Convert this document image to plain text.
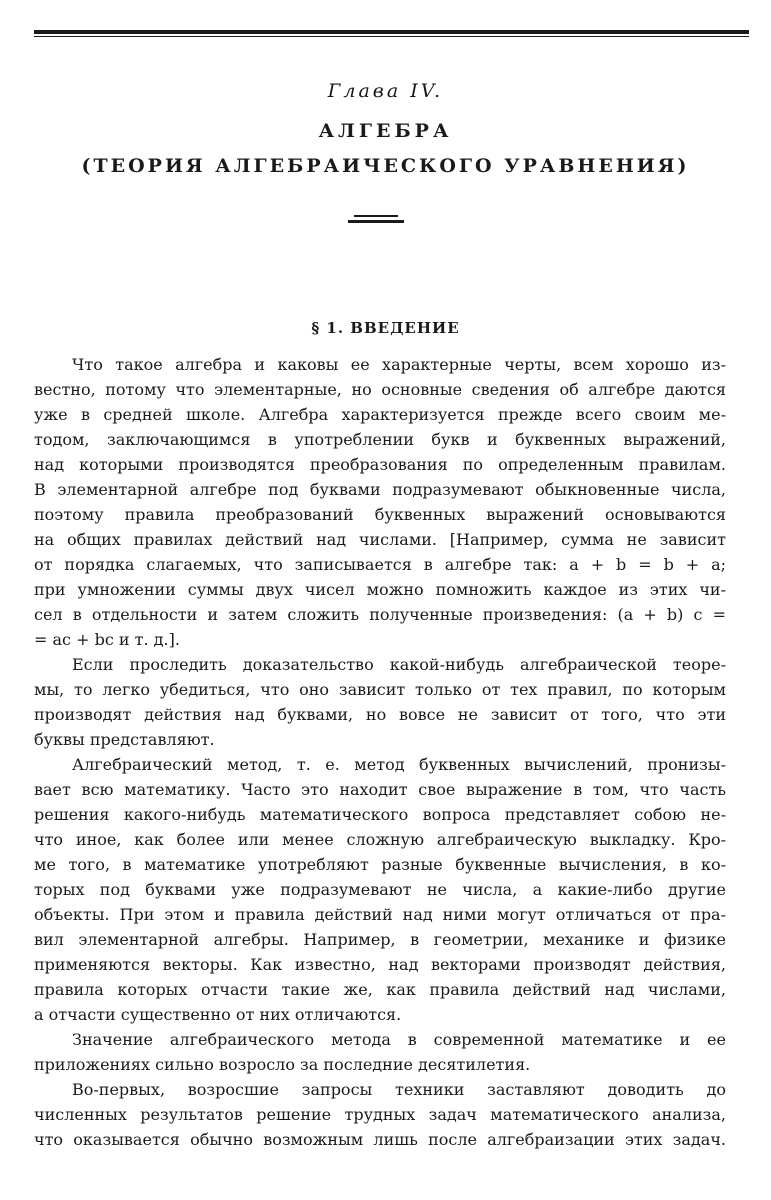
Глава IV.
АЛГЕБРА
(ТЕОРИЯ АЛГЕБРАИЧЕСКОГО УРАВНЕНИЯ)
§ 1. ВВЕДЕНИЕ
Что такое алгебра и каковы ее характерные черты, всем хорошо из-
вестно, потому что элементарные, но основные сведения об алгебре даются
уже в средней школе. Алгебра характеризуется прежде всего своим ме-
тодом, заключающимся в употреблении букв и буквенных выражений,
над которыми производятся преобразования по определенным правилам.
В элементарной алгебре под буквами подразумевают обыкновенные числа,
поэтому правила преобразований буквенных выражений основываются
на общих правилах действий над числами. [Например, сумма не зависит
от порядка слагаемых, что записывается в алгебре так: a + b = b + a;
при умножении суммы двух чисел можно помножить каждое из этих чи-
сел в отдельности и затем сложить полученные произведения: (a + b) c =
= ac + bc и т. д.].
Если проследить доказательство какой-нибудь алгебраической теоре-
мы, то легко убедиться, что оно зависит только от тех правил, по которым
производят действия над буквами, но вовсе не зависит от того, что эти
буквы представляют.
Алгебраический метод, т. е. метод буквенных вычислений, пронизы-
вает всю математику. Часто это находит свое выражение в том, что часть
решения какого-нибудь математического вопроса представляет собою не-
что иное, как более или менее сложную алгебраическую выкладку. Кро-
ме того, в математике употребляют разные буквенные вычисления, в ко-
торых под буквами уже подразумевают не числа, а какие-либо другие
объекты. При этом и правила действий над ними могут отличаться от пра-
вил элементарной алгебры. Например, в геометрии, механике и физике
применяются векторы. Как известно, над векторами производят действия,
правила которых отчасти такие же, как правила действий над числами,
а отчасти существенно от них отличаются.
Значение алгебраического метода в современной математике и ее
приложениях сильно возросло за последние десятилетия.
Во-первых, возросшие запросы техники заставляют доводить до
численных результатов решение трудных задач математического анализа,
что оказывается обычно возможным лишь после алгебраизации этих задач.
